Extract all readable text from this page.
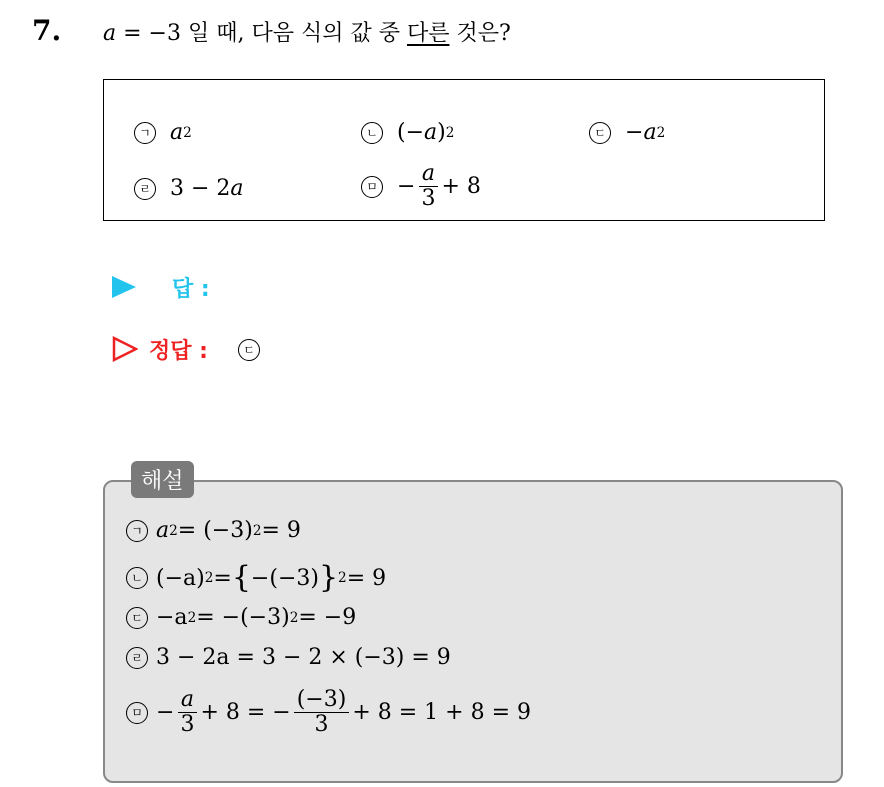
7. a = −3 일 때, 다음 식의 값 중 다른 것은?
ㄱ a 2	ㄴ (− a ) 2	ㄷ − a 2
ㄹ 3 − 2 a	ㅁ − $\frac{a}{3} + 8$
답 :
정답 :	ㄷ
해설
ㄱ a 2 = (−3) 2 = 9
ㄴ (−a) 2 = { −(−3) } 2 = 9
ㄷ −a 2 = −(−3) 2 = −9
ㄹ 3 − 2a = 3 − 2 × (−3) = 9
ㅁ − $\frac{a}{3} + 8$ = − $\frac{(-3)}{3} + 8 = 1 + 8 = 9$
